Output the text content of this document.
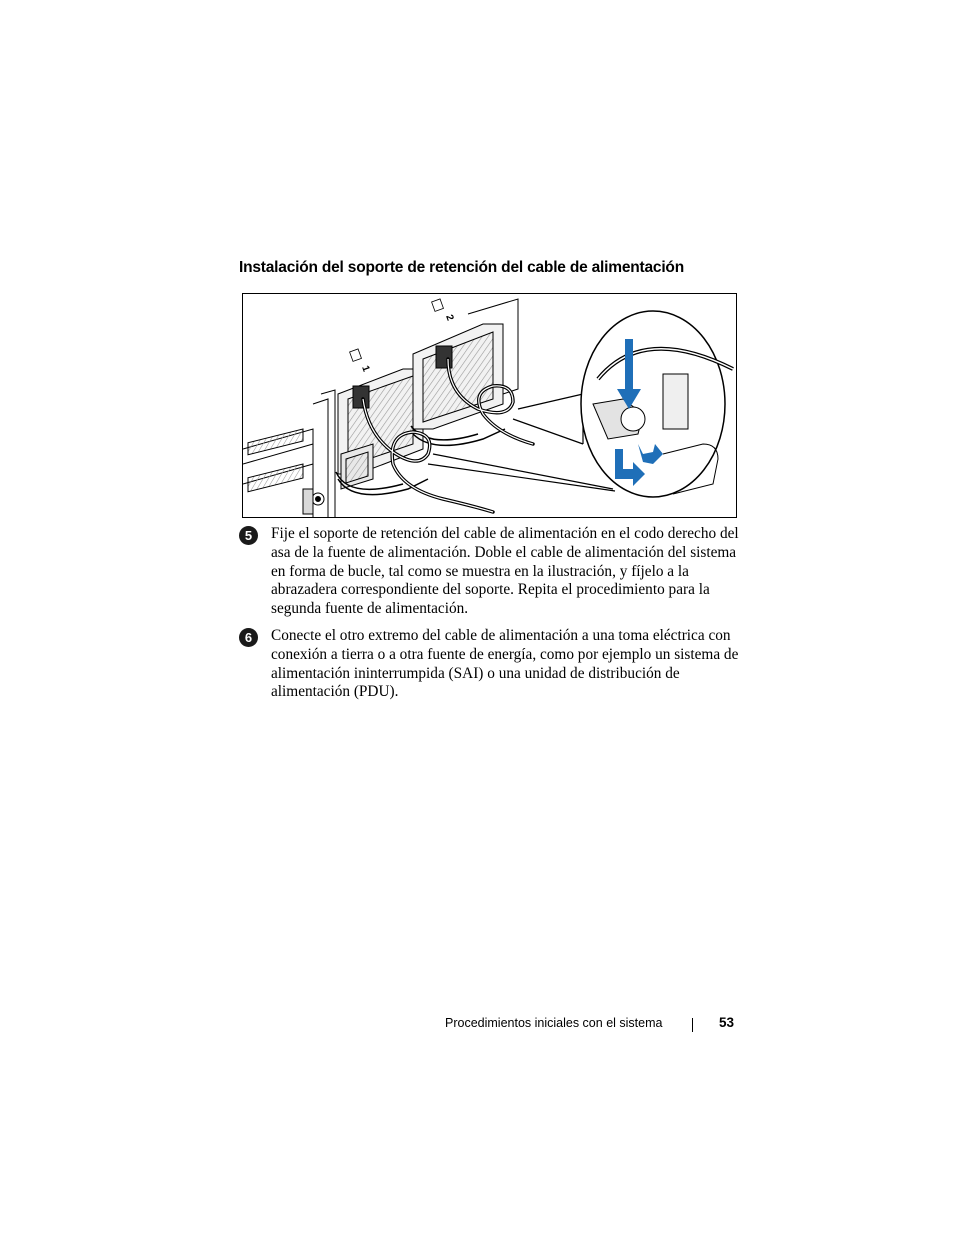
Instalación del soporte de retención del cable de alimentación
1
2
5	Fije el soporte de retención del cable de alimentación en el codo derecho del asa de la fuente de alimentación. Doble el cable de alimentación del sistema en forma de bucle, tal como se muestra en la ilustración, y fíjelo a la abrazadera correspondiente del soporte. Repita el procedimiento para la segunda fuente de alimentación.
6	Conecte el otro extremo del cable de alimentación a una toma eléctrica con conexión a tierra o a otra fuente de energía, como por ejemplo un sistema de alimentación ininterrumpida (SAI) o una unidad de distribución de alimentación (PDU).
Procedimientos iniciales con el sistema	53
